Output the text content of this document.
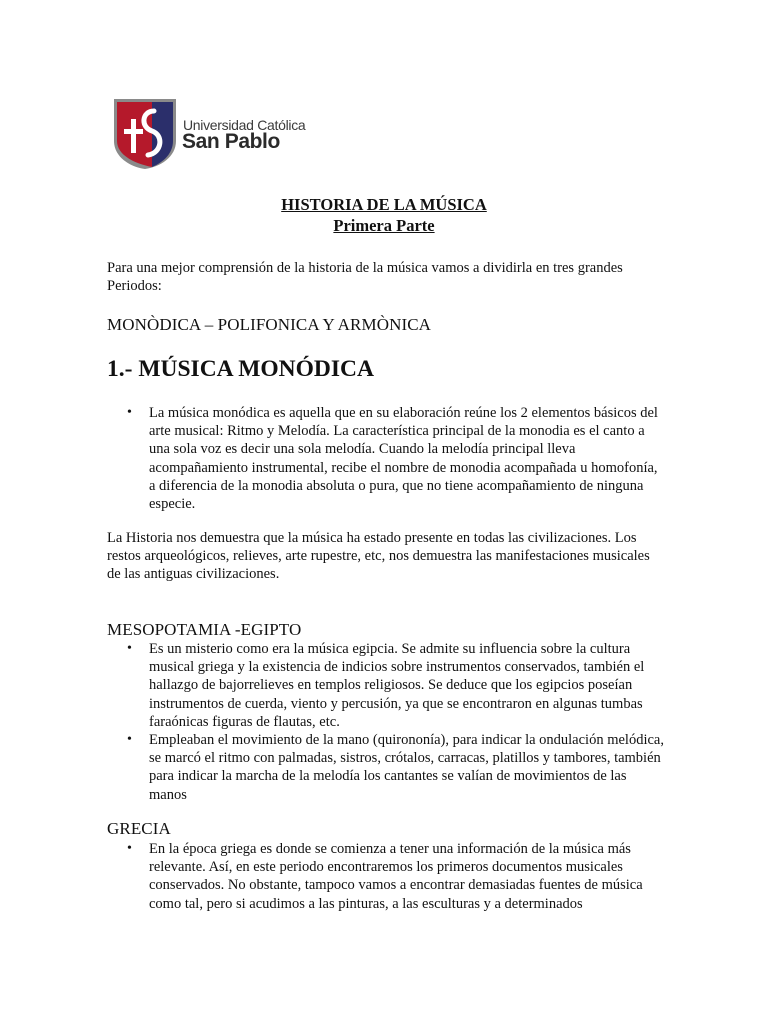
Universidad Católica
San Pablo
HISTORIA DE LA MÚSICA
Primera Parte
Para una mejor comprensión de la historia de la música vamos a dividirla en tres grandes Periodos:
MONÒDICA – POLIFONICA Y ARMÒNICA
1.- MÚSICA MONÓDICA
• La música monódica es aquella que en su elaboración reúne los 2 elementos básicos del arte musical: Ritmo y Melodía. La característica principal de la monodia es el canto a una sola voz es decir una sola melodía. Cuando la melodía principal lleva acompañamiento instrumental, recibe el nombre de monodia acompañada u homofonía, a diferencia de la monodia absoluta o pura, que no tiene acompañamiento de ninguna especie.
La Historia nos demuestra que la música ha estado presente en todas las civilizaciones. Los restos arqueológicos, relieves, arte rupestre, etc, nos demuestra las manifestaciones musicales de las antiguas civilizaciones.
MESOPOTAMIA -EGIPTO
• Es un misterio como era la música egipcia. Se admite su influencia sobre la cultura musical griega y la existencia de indicios sobre instrumentos conservados, también el hallazgo de bajorrelieves en templos religiosos. Se deduce que los egipcios poseían instrumentos de cuerda, viento y percusión, ya que se encontraron en algunas tumbas faraónicas figuras de flautas, etc.
• Empleaban el movimiento de la mano (quirononía), para indicar la ondulación melódica, se marcó el ritmo con palmadas, sistros, crótalos, carracas, platillos y tambores, también para indicar la marcha de la melodía los cantantes se valían de movimientos de las manos
GRECIA
• En la época griega es donde se comienza a tener una información de la música más relevante. Así, en este periodo encontraremos los primeros documentos musicales conservados. No obstante, tampoco vamos a encontrar demasiadas fuentes de música como tal, pero si acudimos a las pinturas, a las esculturas y a determinados
